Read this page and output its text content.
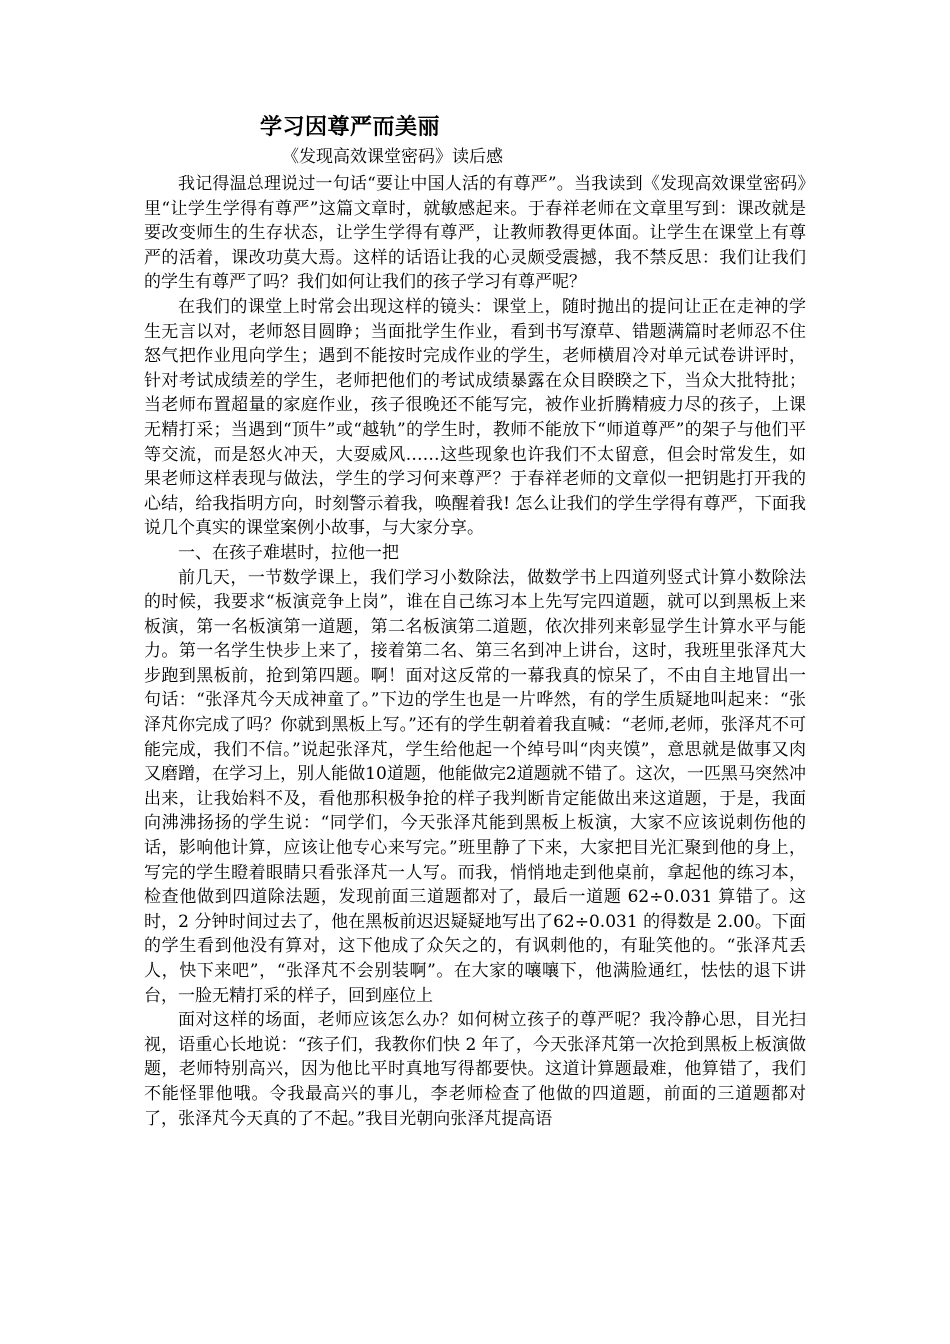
学习因尊严而美丽
《发现高效课堂密码》读后感

我记得温总理说过一句话“要让中国人活的有尊严”。当我读到《发现高效课堂密码》里“让学生学得有尊严”这篇文章时，就敏感起来。于春祥老师在文章里写到：课改就是要改变师生的生存状态，让学生学得有尊严，让教师教得更体面。让学生在课堂上有尊严的活着，课改功莫大焉。这样的话语让我的心灵颇受震撼，我不禁反思：我们让我们的学生有尊严了吗？我们如何让我们的孩子学习有尊严呢？

在我们的课堂上时常会出现这样的镜头：课堂上，随时抛出的提问让正在走神的学生无言以对，老师怒目圆睁；当面批学生作业，看到书写潦草、错题满篇时老师忍不住怒气把作业甩向学生；遇到不能按时完成作业的学生，老师横眉冷对单元试卷讲评时，针对考试成绩差的学生，老师把他们的考试成绩暴露在众目睽睽之下，当众大批特批；当老师布置超量的家庭作业，孩子很晚还不能写完，被作业折腾精疲力尽的孩子，上课无精打采；当遇到“顶牛”或“越轨”的学生时，教师不能放下“师道尊严”的架子与他们平等交流，而是怒火冲天，大耍威风……这些现象也许我们不太留意，但会时常发生，如果老师这样表现与做法，学生的学习何来尊严？于春祥老师的文章似一把钥匙打开我的心结，给我指明方向，时刻警示着我，唤醒着我! 怎么让我们的学生学得有尊严，下面我说几个真实的课堂案例小故事，与大家分享。

一、在孩子难堪时，拉他一把

前几天，一节数学课上，我们学习小数除法，做数学书上四道列竖式计算小数除法的时候，我要求“板演竞争上岗”，谁在自己练习本上先写完四道题，就可以到黑板上来板演，第一名板演第一道题，第二名板演第二道题，依次排列来彰显学生计算水平与能力。第一名学生快步上来了，接着第二名、第三名到冲上讲台，这时，我班里张泽芃大步跑到黑板前，抢到第四题。啊！面对这反常的一幕我真的惊呆了，不由自主地冒出一句话：“张泽芃今天成神童了。”下边的学生也是一片哗然，有的学生质疑地叫起来：“张泽芃你完成了吗？你就到黑板上写。”还有的学生朝着着我直喊：“老师,老师，张泽芃不可能完成，我们不信。”说起张泽芃，学生给他起一个绰号叫“肉夹馍”，意思就是做事又肉又磨蹭，在学习上，别人能做10道题，他能做完2道题就不错了。这次，一匹黑马突然冲出来，让我始料不及，看他那积极争抢的样子我判断肯定能做出来这道题，于是，我面向沸沸扬扬的学生说：“同学们，今天张泽芃能到黑板上板演，大家不应该说刺伤他的话，影响他计算，应该让他专心来写完。”班里静了下来，大家把目光汇聚到他的身上，写完的学生瞪着眼睛只看张泽芃一人写。而我，悄悄地走到他桌前，拿起他的练习本，检查他做到四道除法题，发现前面三道题都对了，最后一道题 62÷0.031 算错了。这时，2 分钟时间过去了，他在黑板前迟迟疑疑地写出了62÷0.031 的得数是 2.00。下面的学生看到他没有算对，这下他成了众矢之的，有讽刺他的，有耻笑他的。“张泽芃丢人，快下来吧”，“张泽芃不会别装啊”。在大家的嚷嚷下，他满脸通红，怯怯的退下讲台，一脸无精打采的样子，回到座位上

面对这样的场面，老师应该怎么办？如何树立孩子的尊严呢？我冷静心思，目光扫视，语重心长地说：“孩子们，我教你们快 2 年了，今天张泽芃第一次抢到黑板上板演做题，老师特别高兴，因为他比平时真地写得都要快。这道计算题最难，他算错了，我们不能怪罪他哦。令我最高兴的事儿，李老师检查了他做的四道题，前面的三道题都对了，张泽芃今天真的了不起。”我目光朝向张泽芃提高语
